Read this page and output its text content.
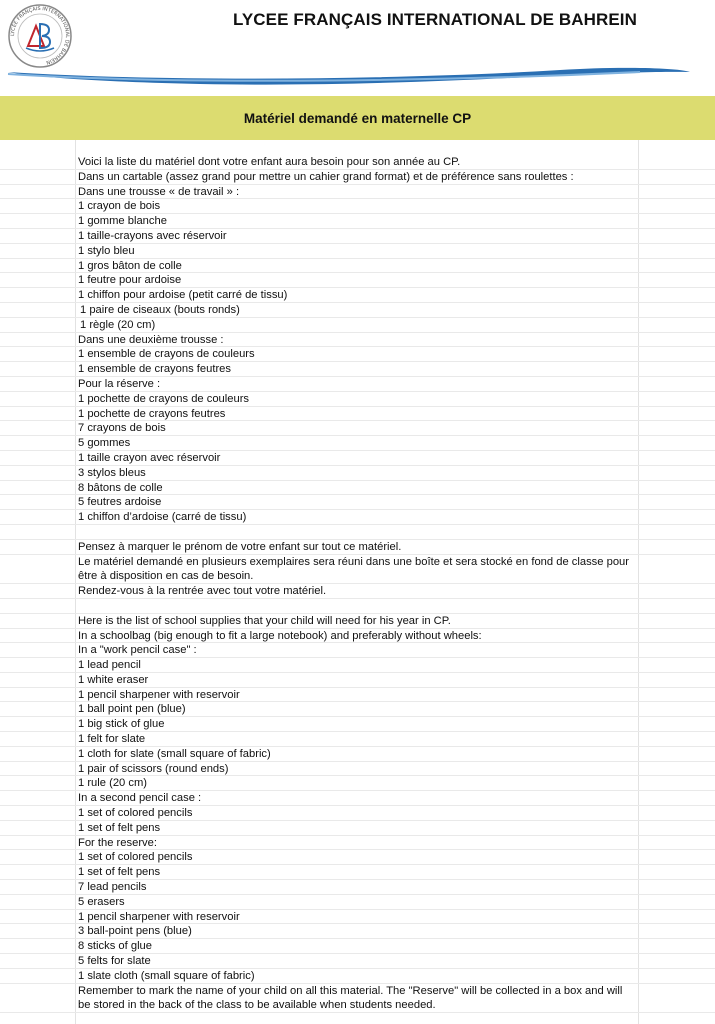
LYCÉE FRANÇAIS INTERNATIONAL DE BAHREIN
LYCEE FRANÇAIS INTERNATIONAL DE BAHREIN
Matériel demandé en maternelle CP
Voici la liste du matériel dont votre enfant aura besoin pour son année au CP.
Dans un cartable (assez grand pour mettre un cahier grand format) et de préférence sans roulettes :
Dans une trousse « de travail » :
1 crayon de bois
1 gomme blanche
1 taille-crayons avec réservoir
1 stylo bleu
1 gros bâton de colle
1 feutre pour ardoise
1 chiffon pour ardoise (petit carré de tissu)
1 paire de ciseaux (bouts ronds)
1 règle (20 cm)
Dans une deuxième trousse :
1 ensemble de crayons de couleurs
1 ensemble de crayons feutres
Pour la réserve :
1 pochette de crayons de couleurs
1 pochette de crayons feutres
7 crayons de bois
5 gommes
1 taille crayon avec réservoir
3 stylos bleus
8 bâtons de colle
5 feutres ardoise
1 chiffon d’ardoise (carré de tissu)
Pensez à marquer le prénom de votre enfant sur tout ce matériel.
Le matériel demandé en plusieurs exemplaires sera réuni dans une boîte et sera stocké en fond de classe pour être à disposition en cas de besoin.
Rendez-vous à la rentrée avec tout votre matériel.
Here is the list of school supplies that your child will need for his year in CP.
In a schoolbag (big enough to fit a large notebook) and preferably without wheels:
In a "work pencil case" :
1 lead pencil
1 white eraser
1 pencil sharpener with reservoir
1 ball point pen (blue)
1 big stick of glue
1 felt for slate
1 cloth for slate (small square of fabric)
1 pair of scissors (round ends)
1 rule (20 cm)
In a second pencil case :
1 set of colored pencils
1 set of felt pens
For the reserve:
1 set of colored pencils
1 set of felt pens
7 lead pencils
5 erasers
1 pencil sharpener with reservoir
3 ball-point pens (blue)
8 sticks of glue
5 felts for slate
1 slate cloth (small square of fabric)
Remember to mark the name of your child on all this material. The "Reserve" will be collected in a box and will be stored in the back of the class to be available when students needed.
